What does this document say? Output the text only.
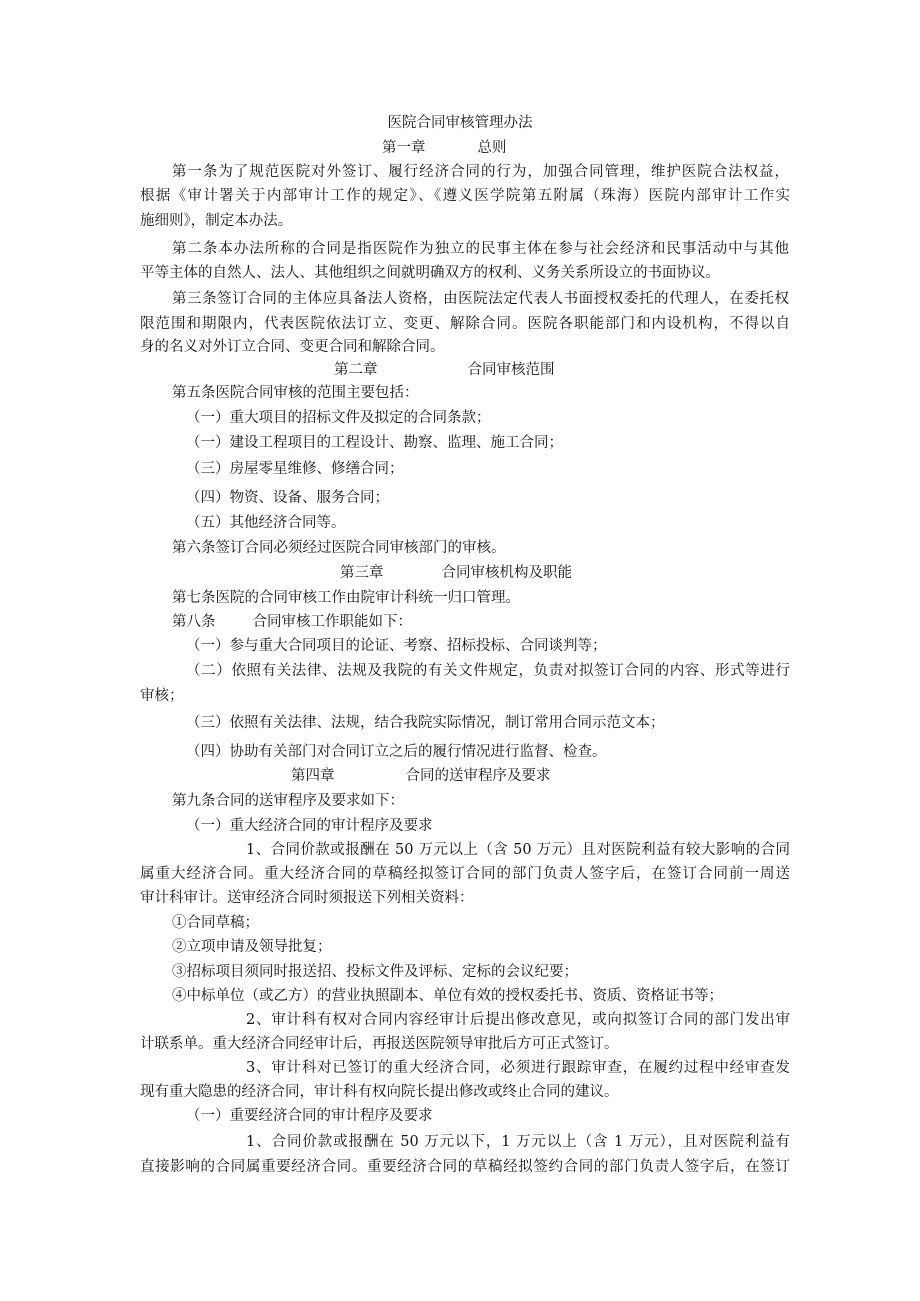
医院合同审核管理办法
第一章	总则
第一条为了规范医院对外签订、履行经济合同的行为，加强合同管理，维护医院合法权益，
根据《审计署关于内部审计工作的规定》、《遵义医学院第五附属（珠海）医院内部审计工作实
施细则》，制定本办法。
第二条本办法所称的合同是指医院作为独立的民事主体在参与社会经济和民事活动中与其他
平等主体的自然人、法人、其他组织之间就明确双方的权利、义务关系所设立的书面协议。
第三条签订合同的主体应具备法人资格，由医院法定代表人书面授权委托的代理人，在委托权
限范围和期限内，代表医院依法订立、变更、解除合同。医院各职能部门和内设机构，不得以自
身的名义对外订立合同、变更合同和解除合同。
第二章	合同审核范围
第五条医院合同审核的范围主要包括：
（一）重大项目的招标文件及拟定的合同条款；
（一）建设工程项目的工程设计、勘察、监理、施工合同；
（三）房屋零星维修、修缮合同；
（四）物资、设备、服务合同；
（五）其他经济合同等。
第六条签订合同必须经过医院合同审核部门的审核。
第三章	合同审核机构及职能
第七条医院的合同审核工作由院审计科统一归口管理。
第八条	合同审核工作职能如下：
（一）参与重大合同项目的论证、考察、招标投标、合同谈判等；
（二）依照有关法律、法规及我院的有关文件规定，负责对拟签订合同的内容、形式等进行
审核；
（三）依照有关法律、法规，结合我院实际情况，制订常用合同示范文本；
（四）协助有关部门对合同订立之后的履行情况进行监督、检查。
第四章	合同的送审程序及要求
第九条合同的送审程序及要求如下：
（一）重大经济合同的审计程序及要求
1、合同价款或报酬在 50 万元以上（含 50 万元）且对医院利益有较大影响的合同
属重大经济合同。重大经济合同的草稿经拟签订合同的部门负责人签字后，在签订合同前一周送
审计科审计。送审经济合同时须报送下列相关资料：
①合同草稿；
②立项申请及领导批复；
③招标项目须同时报送招、投标文件及评标、定标的会议纪要；
④中标单位（或乙方）的营业执照副本、单位有效的授权委托书、资质、资格证书等；
2、审计科有权对合同内容经审计后提出修改意见，或向拟签订合同的部门发出审
计联系单。重大经济合同经审计后，再报送医院领导审批后方可正式签订。
3、审计科对已签订的重大经济合同，必须进行跟踪审查，在履约过程中经审查发
现有重大隐患的经济合同，审计科有权向院长提出修改或终止合同的建议。
（一）重要经济合同的审计程序及要求
1、合同价款或报酬在 50 万元以下，1 万元以上（含 1 万元），且对医院利益有
直接影响的合同属重要经济合同。重要经济合同的草稿经拟签约合同的部门负责人签字后，在签订
